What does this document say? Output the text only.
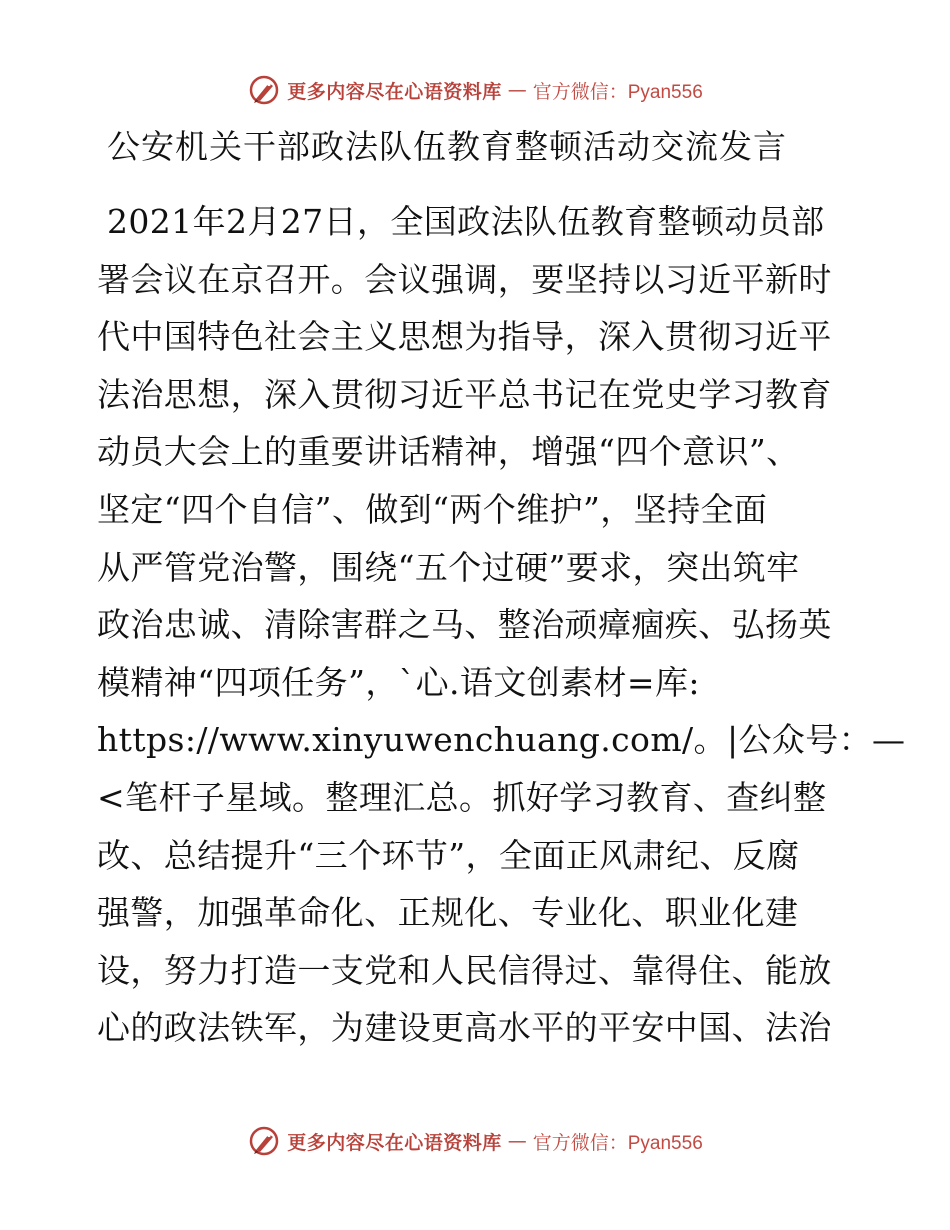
更多内容尽在心语资料库 — 官方微信：Pyan556
公安机关干部政法队伍教育整顿活动交流发言
2021年2月27日，全国政法队伍教育整顿动员部
署会议在京召开。会议强调，要坚持以习近平新时
代中国特色社会主义思想为指导，深入贯彻习近平
法治思想，深入贯彻习近平总书记在党史学习教育
动员大会上的重要讲话精神，增强“四个意识”、
坚定“四个自信”、做到“两个维护”，坚持全面
从严管党治警，围绕“五个过硬”要求，突出筑牢
政治忠诚、清除害群之马、整治顽瘴痼疾、弘扬英
模精神“四项任务”，`心.语文创素材=库:
https://www.xinyuwenchuang.com/。|公众号：—
<笔杆子星域。整理汇总。抓好学习教育、查纠整
改、总结提升“三个环节”，全面正风肃纪、反腐
强警，加强革命化、正规化、专业化、职业化建
设，努力打造一支党和人民信得过、靠得住、能放
心的政法铁军，为建设更高水平的平安中国、法治
更多内容尽在心语资料库 — 官方微信：Pyan556
